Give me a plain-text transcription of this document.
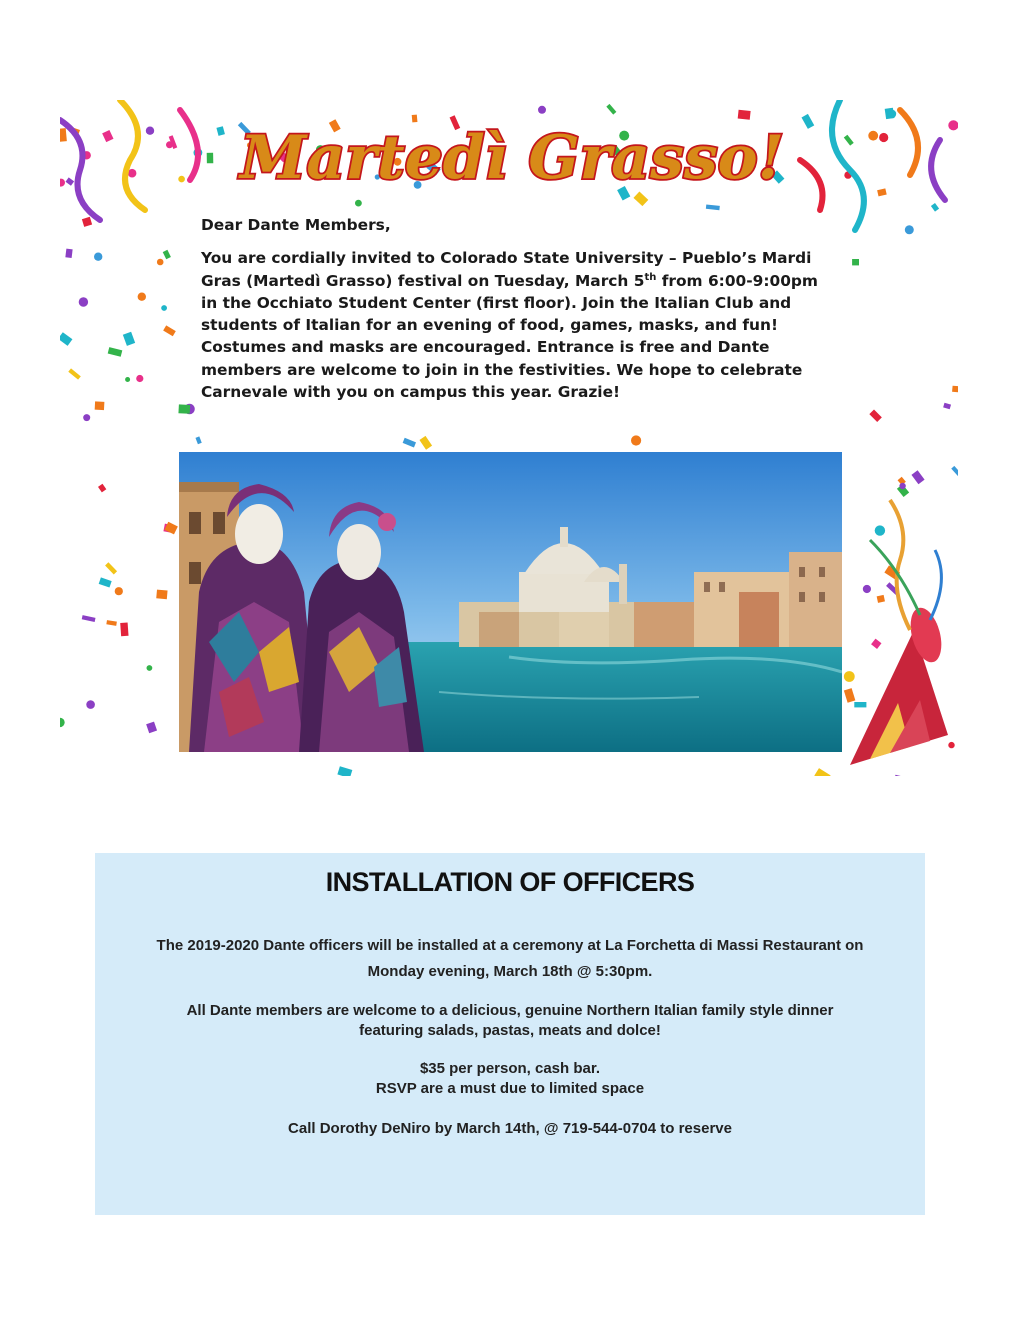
Martedì Grasso!

Dear Dante Members,

You are cordially invited to Colorado State University – Pueblo’s Mardi Gras (Martedì Grasso) festival on Tuesday, March 5th from 6:00-9:00pm in the Occhiato Student Center (first floor). Join the Italian Club and students of Italian for an evening of food, games, masks, and fun! Costumes and masks are encouraged. Entrance is free and Dante members are welcome to join in the festivities. We hope to celebrate Carnevale with you on campus this year. Grazie!

INSTALLATION OF OFFICERS

The 2019-2020 Dante officers will be installed at a ceremony at La Forchetta di Massi Restaurant on

Monday evening, March 18th @ 5:30pm.

All Dante members are welcome to a delicious, genuine Northern Italian family style dinner

featuring salads, pastas, meats and dolce!

$35 per person, cash bar.

RSVP are a must due to limited space

Call Dorothy DeNiro by March 14th, @ 719-544-0704 to reserve
